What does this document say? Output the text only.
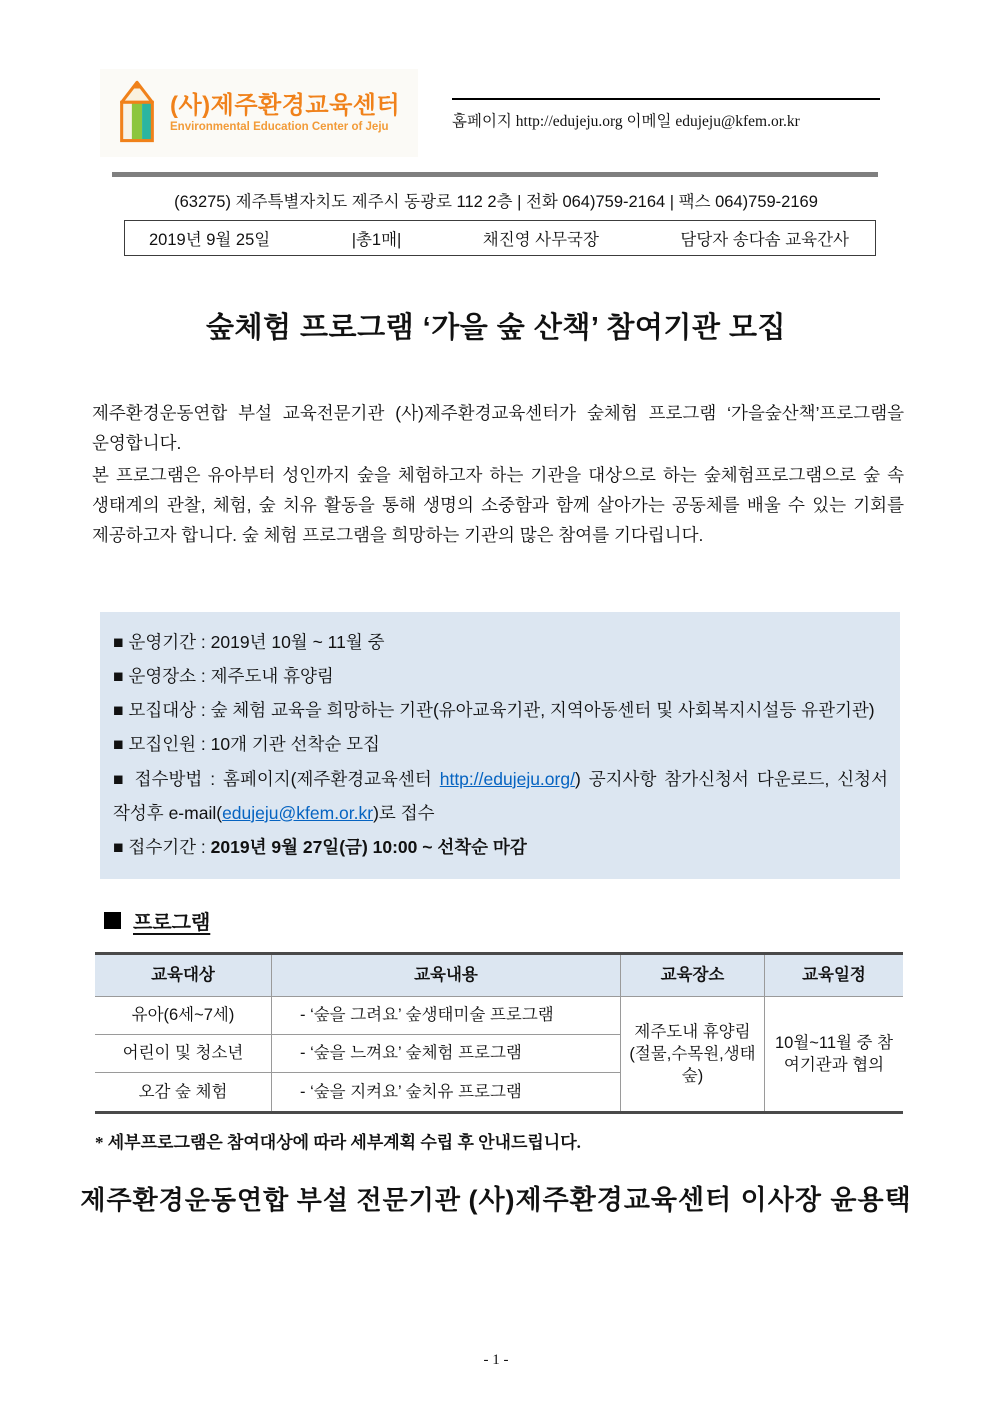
(사)제주환경교육센터
Environmental Education Center of Jeju	홈페이지 http://edujeju.org 이메일 edujeju@kfem.or.kr
(63275) 제주특별자치도 제주시 동광로 112 2층 | 전화 064)759-2164 | 팩스 064)759-2169
2019년 9월 25일	|총1매|	채진영 사무국장	담당자 송다솜 교육간사
숲체험 프로그램 ‘가을 숲 산책’ 참여기관 모집

제주환경운동연합 부설 교육전문기관 (사)제주환경교육센터가 숲체험 프로그램 ‘가을숲산책’프로그램을 운영합니다.

본 프로그램은 유아부터 성인까지 숲을 체험하고자 하는 기관을 대상으로 하는 숲체험프로그램으로 숲 속 생태계의 관찰, 체험, 숲 치유 활동을 통해 생명의 소중함과 함께 살아가는 공동체를 배울 수 있는 기회를 제공하고자 합니다. 숲 체험 프로그램을 희망하는 기관의 많은 참여를 기다립니다.

■ 운영기간 : 2019년 10월 ~ 11월 중
■ 운영장소 : 제주도내 휴양림
■ 모집대상 : 숲 체험 교육을 희망하는 기관(유아교육기관, 지역아동센터 및 사회복지시설등 유관기관)
■ 모집인원 : 10개 기관 선착순 모집
■ 접수방법 : 홈페이지(제주환경교육센터 http://edujeju.org/) 공지사항 참가신청서 다운로드, 신청서 작성후 e-mail(edujeju@kfem.or.kr)로 접수
■ 접수기간 : 2019년 9월 27일(금) 10:00 ~ 선착순 마감
프로그램
교육대상	교육내용	교육장소	교육일정
유아(6세~7세)	- ‘숲을 그려요’ 숲생태미술 프로그램
제주도내 휴양림 (절물,수목원,생태숲)
10월~11월 중 참여기관과 협의
어린이 및 청소년	- ‘숲을 느껴요’ 숲체험 프로그램
오감 숲 체험	- ‘숲을 지켜요’ 숲치유 프로그램
* 세부프로그램은 참여대상에 따라 세부계획 수립 후 안내드립니다.
제주환경운동연합 부설 전문기관 (사)제주환경교육센터 이사장 윤용택
- 1 -
